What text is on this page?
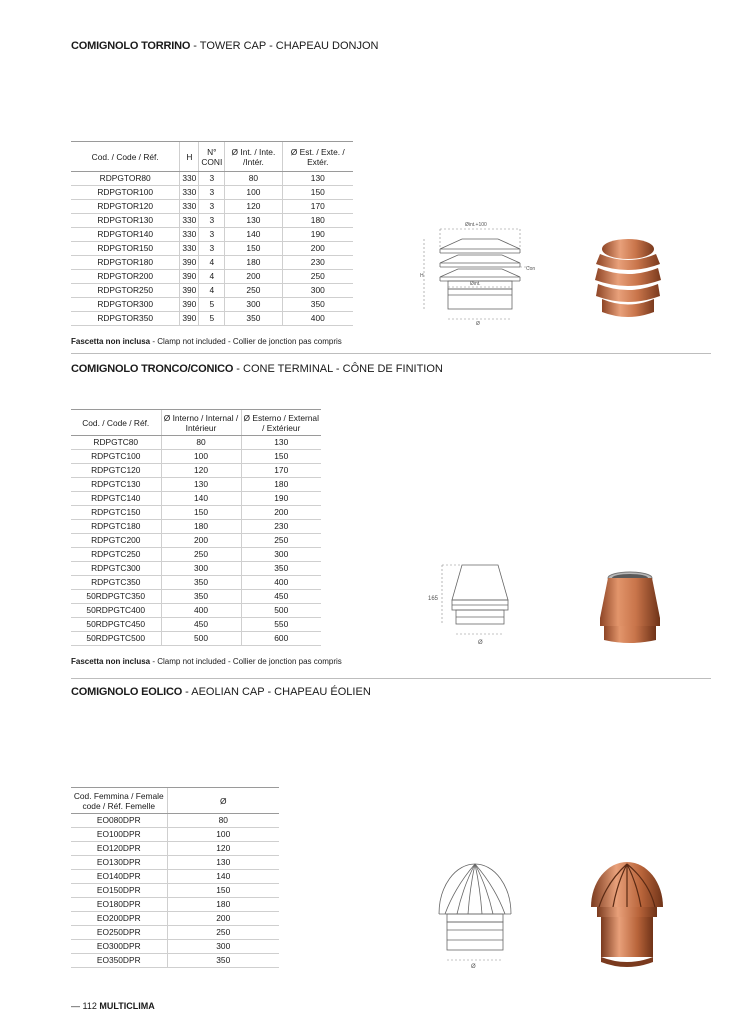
COMIGNOLO TORRINO - TOWER CAP - CHAPEAU DONJON
Cod. / Code / Réf.	H	N° CONI	Ø Int. / Inte. /Intér.	Ø Est. / Exte. / Extér.
RDPGTOR80	330	3	80	130
RDPGTOR100	330	3	100	150
RDPGTOR120	330	3	120	170
RDPGTOR130	330	3	130	180
RDPGTOR140	330	3	140	190
RDPGTOR150	330	3	150	200
RDPGTOR180	390	4	180	230
RDPGTOR200	390	4	200	250
RDPGTOR250	390	4	250	300
RDPGTOR300	390	5	300	350
RDPGTOR350	390	5	350	400
Fascetta non inclusa - Clamp not included - Collier de jonction pas compris
Øint.+100
Con
H
Øint.
Ø
COMIGNOLO TRONCO/CONICO - CONE TERMINAL - CÔNE DE FINITION
Cod. / Code / Réf.	Ø Interno / Internal / Intérieur	Ø Esterno / External / Extérieur
RDPGTC80	80	130
RDPGTC100	100	150
RDPGTC120	120	170
RDPGTC130	130	180
RDPGTC140	140	190
RDPGTC150	150	200
RDPGTC180	180	230
RDPGTC200	200	250
RDPGTC250	250	300
RDPGTC300	300	350
RDPGTC350	350	400
50RDPGTC350	350	450
50RDPGTC400	400	500
50RDPGTC450	450	550
50RDPGTC500	500	600
Fascetta non inclusa - Clamp not included - Collier de jonction pas compris
165
Ø
COMIGNOLO EOLICO - AEOLIAN CAP - CHAPEAU ÉOLIEN
Cod. Femmina / Female code / Réf. Femelle	Ø
EO080DPR	80
EO100DPR	100
EO120DPR	120
EO130DPR	130
EO140DPR	140
EO150DPR	150
EO180DPR	180
EO200DPR	200
EO250DPR	250
EO300DPR	300
EO350DPR	350
Ø
— 112 MULTICLIMA
